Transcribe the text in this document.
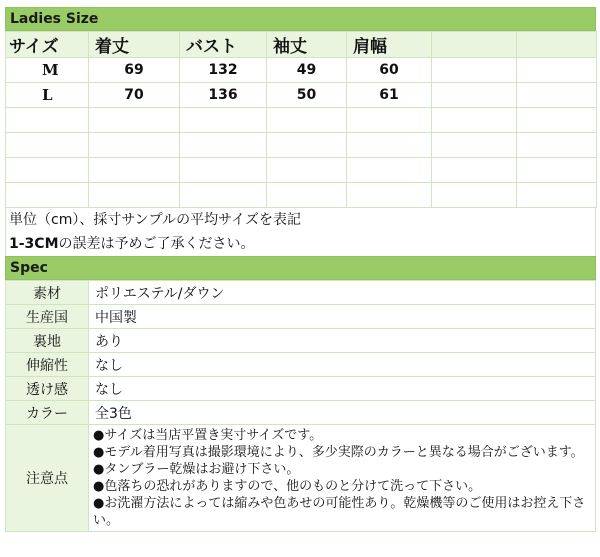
Ladies Size
サイズ	着丈	バスト	袖丈	肩幅		
M	69	132	49	60		
L	70	136	50	61		

単位（cm）、採寸サンプルの平均サイズを表記
1-3CMの誤差は予めご了承ください。
Spec
素材	ポリエステル/ダウン
生産国	中国製
裏地	あり
伸縮性	なし
透け感	なし
カラー	全3色
注意点	●サイズは当店平置き実寸サイズです。
●モデル着用写真は撮影環境により、多少実際のカラーと異なる場合がございます。
●タンブラー乾燥はお避け下さい。
●色落ちの恐れがありますので、他のものと分けて洗って下さい。
●お洗濯方法によっては縮みや色あせの可能性あり。乾燥機等のご使用はお控え下さい。
